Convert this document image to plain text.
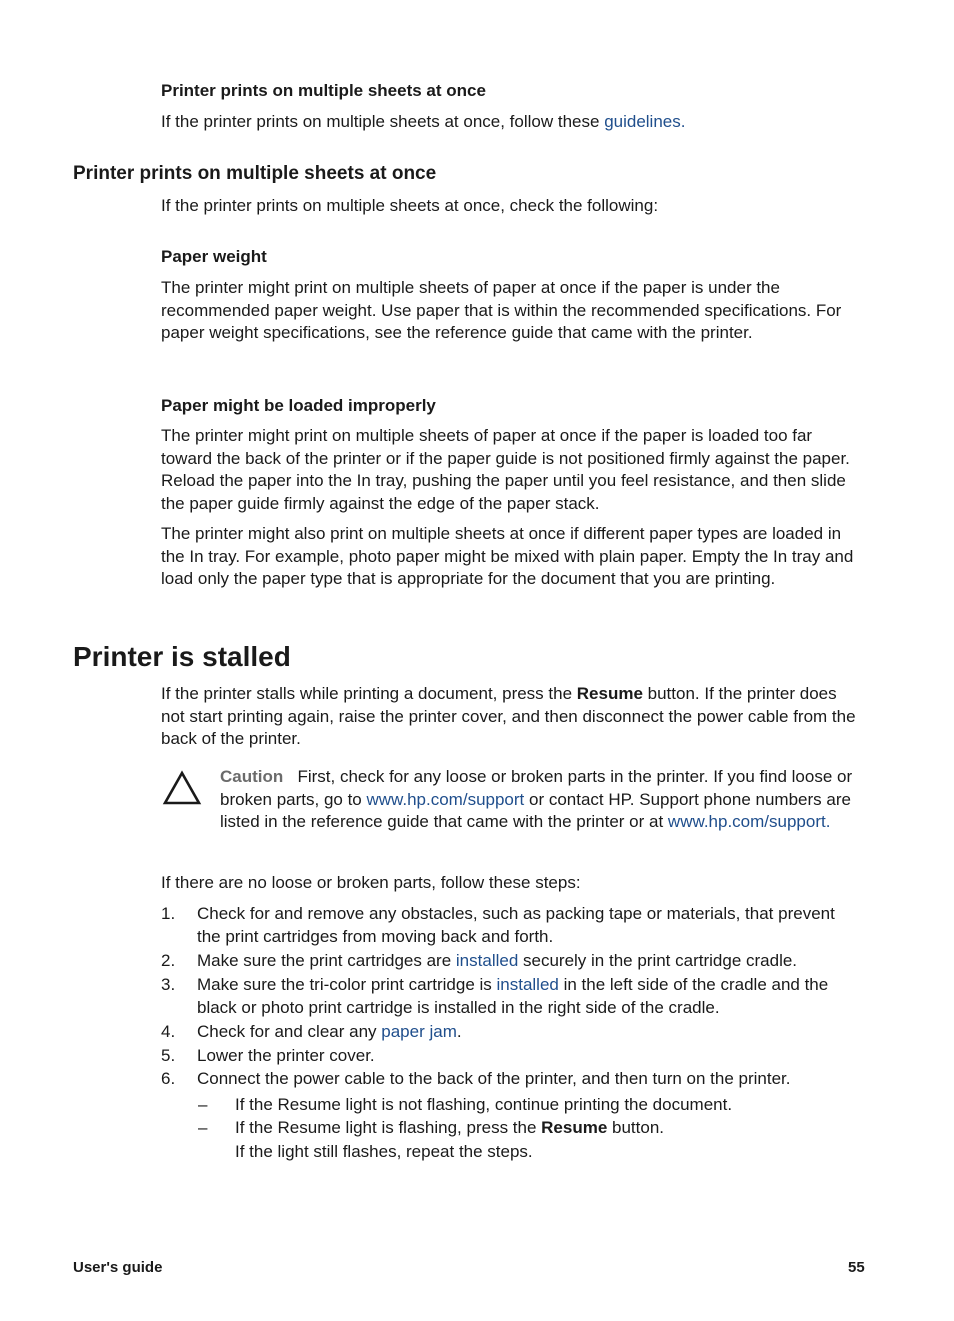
Printer prints on multiple sheets at once

If the printer prints on multiple sheets at once, follow these guidelines.

Printer prints on multiple sheets at once

If the printer prints on multiple sheets at once, check the following:

Paper weight

The printer might print on multiple sheets of paper at once if the paper is under the recommended paper weight. Use paper that is within the recommended specifications. For paper weight specifications, see the reference guide that came with the printer.

Paper might be loaded improperly

The printer might print on multiple sheets of paper at once if the paper is loaded too far toward the back of the printer or if the paper guide is not positioned firmly against the paper. Reload the paper into the In tray, pushing the paper until you feel resistance, and then slide the paper guide firmly against the edge of the paper stack.

The printer might also print on multiple sheets at once if different paper types are loaded in the In tray. For example, photo paper might be mixed with plain paper. Empty the In tray and load only the paper type that is appropriate for the document that you are printing.

Printer is stalled

If the printer stalls while printing a document, press the Resume button. If the printer does not start printing again, raise the printer cover, and then disconnect the power cable from the back of the printer.

Caution First, check for any loose or broken parts in the printer. If you find loose or broken parts, go to www.hp.com/support or contact HP. Support phone numbers are listed in the reference guide that came with the printer or at www.hp.com/support.

If there are no loose or broken parts, follow these steps:

1. Check for and remove any obstacles, such as packing tape or materials, that prevent the print cartridges from moving back and forth.
2. Make sure the print cartridges are installed securely in the print cartridge cradle.
3. Make sure the tri-color print cartridge is installed in the left side of the cradle and the black or photo print cartridge is installed in the right side of the cradle.
4. Check for and clear any paper jam.
5. Lower the printer cover.
6. Connect the power cable to the back of the printer, and then turn on the printer.
– If the Resume light is not flashing, continue printing the document.
– If the Resume light is flashing, press the Resume button.

If the light still flashes, repeat the steps.

User's guide	55
